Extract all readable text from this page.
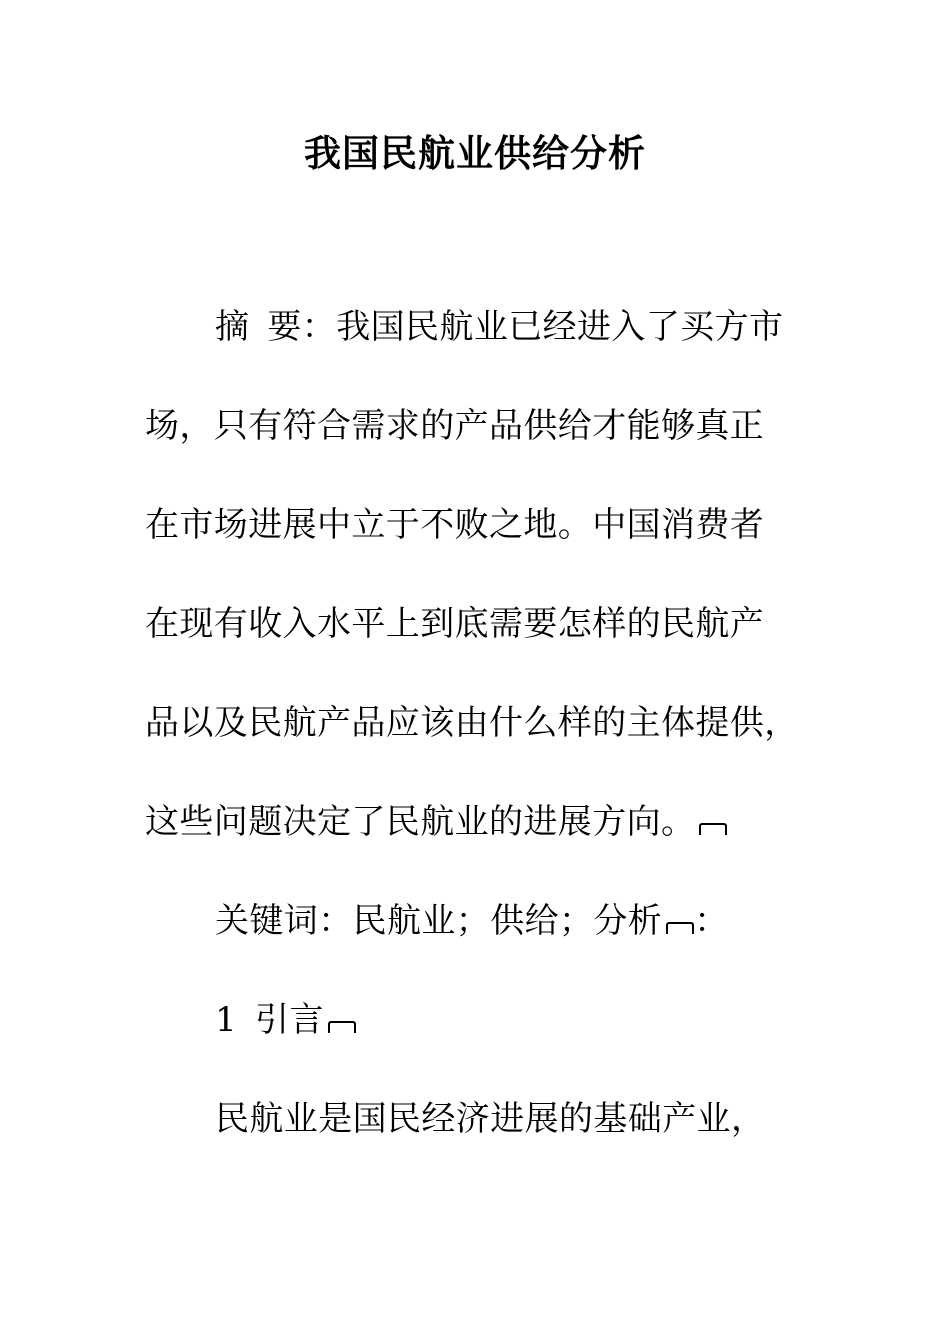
我国民航业供给分析
摘 要：我国民航业已经进入了买方市
场，只有符合需求的产品供给才能够真正
在市场进展中立于不败之地。中国消费者
在现有收入水平上到底需要怎样的民航产
品以及民航产品应该由什么样的主体提供，
这些问题决定了民航业的进展方向。
关键词：民航业；供给；分析 ：
1 引言
民航业是国民经济进展的基础产业，
